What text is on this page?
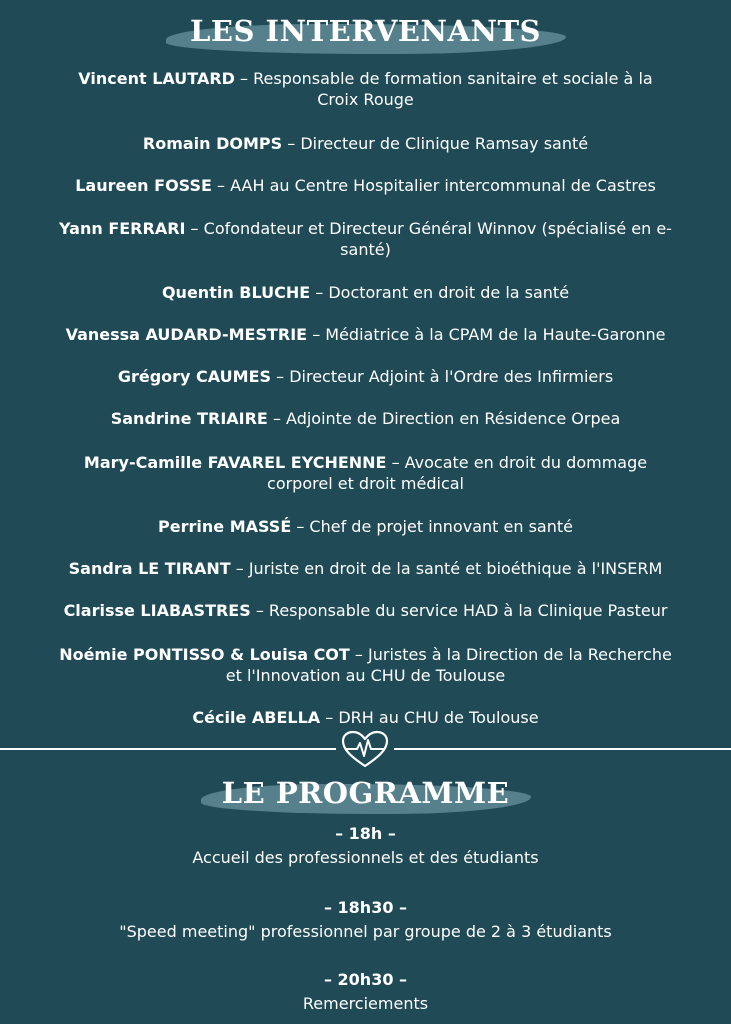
LES INTERVENANTS
Vincent LAUTARD – Responsable de formation sanitaire et sociale à la
Croix Rouge
Romain DOMPS – Directeur de Clinique Ramsay santé
Laureen FOSSE – AAH au Centre Hospitalier intercommunal de Castres
Yann FERRARI – Cofondateur et Directeur Général Winnov (spécialisé en e-
santé)
Quentin BLUCHE – Doctorant en droit de la santé
Vanessa AUDARD-MESTRIE – Médiatrice à la CPAM de la Haute-Garonne
Grégory CAUMES – Directeur Adjoint à l'Ordre des Infirmiers
Sandrine TRIAIRE – Adjointe de Direction en Résidence Orpea
Mary-Camille FAVAREL EYCHENNE – Avocate en droit du dommage
corporel et droit médical
Perrine MASSÉ – Chef de projet innovant en santé
Sandra LE TIRANT – Juriste en droit de la santé et bioéthique à l'INSERM
Clarisse LIABASTRES – Responsable du service HAD à la Clinique Pasteur
Noémie PONTISSO & Louisa COT – Juristes à la Direction de la Recherche
et l'Innovation au CHU de Toulouse
Cécile ABELLA – DRH au CHU de Toulouse
LE PROGRAMME
– 18h –
Accueil des professionnels et des étudiants
– 18h30 –
"Speed meeting" professionnel par groupe de 2 à 3 étudiants
– 20h30 –
Remerciements
